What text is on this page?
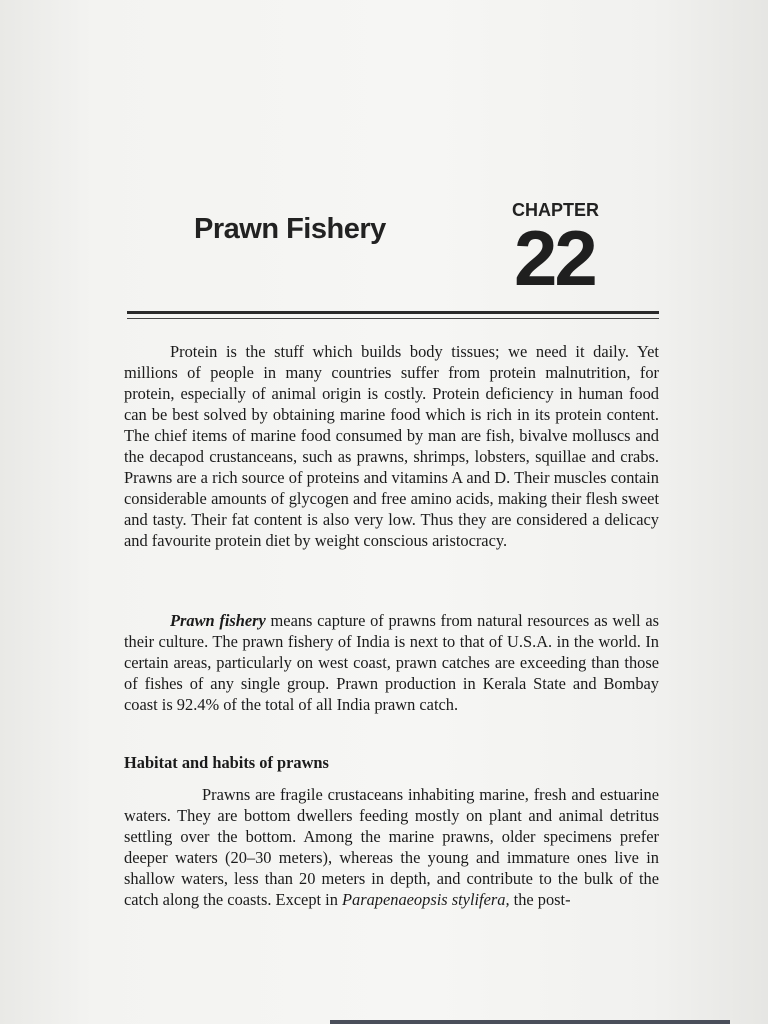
Prawn Fishery
CHAPTER
22

Protein is the stuff which builds body tissues; we need it daily. Yet millions of people in many countries suffer from protein malnutrition, for protein, especially of animal origin is costly. Protein deficiency in human food can be best solved by obtaining marine food which is rich in its protein content. The chief items of marine food consumed by man are fish, bivalve molluscs and the decapod crustanceans, such as prawns, shrimps, lobsters, squillae and crabs. Prawns are a rich source of proteins and vitamins A and D. Their muscles contain considerable amounts of glycogen and free amino acids, making their flesh sweet and tasty. Their fat content is also very low. Thus they are considered a delicacy and favourite protein diet by weight conscious aristocracy.

Prawn fishery means capture of prawns from natural resources as well as their culture. The prawn fishery of India is next to that of U.S.A. in the world. In certain areas, particularly on west coast, prawn catches are exceeding than those of fishes of any single group. Prawn production in Kerala State and Bombay coast is 92.4% of the total of all India prawn catch.

Habitat and habits of prawns

Prawns are fragile crustaceans inhabiting marine, fresh and estuarine waters. They are bottom dwellers feeding mostly on plant and animal detritus settling over the bottom. Among the marine prawns, older specimens prefer deeper waters (20–30 meters), whereas the young and immature ones live in shallow waters, less than 20 meters in depth, and contribute to the bulk of the catch along the coasts. Except in Parapenaeopsis stylifera, the post-
